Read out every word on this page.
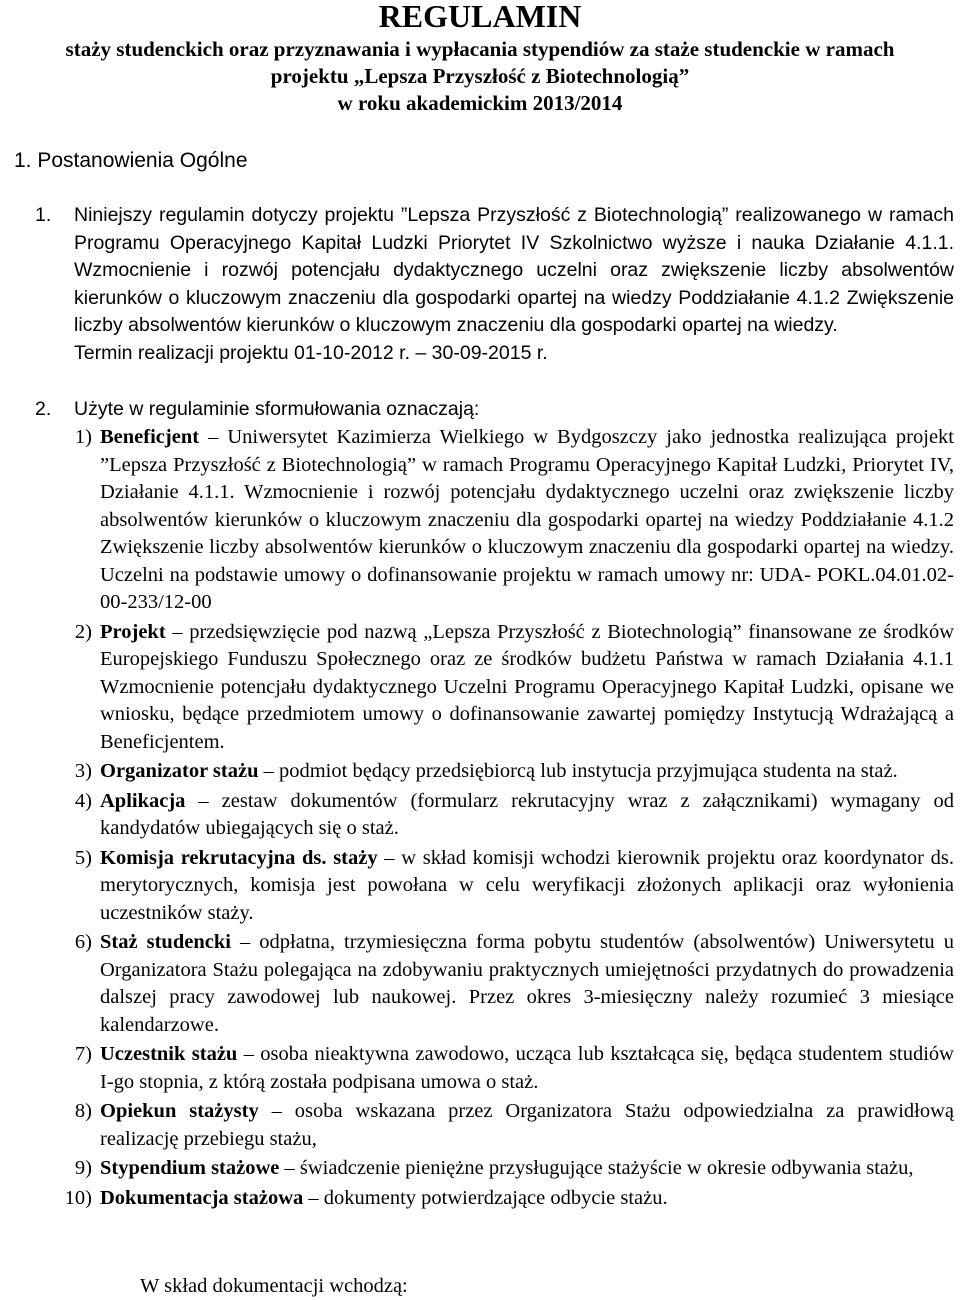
REGULAMIN
staży studenckich oraz przyznawania i wypłacania stypendiów za staże studenckie w ramach
projektu „Lepsza Przyszłość z Biotechnologią”
w roku akademickim 2013/2014
1. Postanowienia Ogólne
1. Niniejszy regulamin dotyczy projektu ”Lepsza Przyszłość z Biotechnologią” realizowanego w ramach Programu Operacyjnego Kapitał Ludzki Priorytet IV Szkolnictwo wyższe i nauka Działanie 4.1.1. Wzmocnienie i rozwój potencjału dydaktycznego uczelni oraz zwiększenie liczby absolwentów kierunków o kluczowym znaczeniu dla gospodarki opartej na wiedzy Poddziałanie 4.1.2 Zwiększenie liczby absolwentów kierunków o kluczowym znaczeniu dla gospodarki opartej na wiedzy.
Termin realizacji projektu 01-10-2012 r. – 30-09-2015 r.
2. Użyte w regulaminie sformułowania oznaczają:
1) Beneficjent – Uniwersytet Kazimierza Wielkiego w Bydgoszczy jako jednostka realizująca projekt ”Lepsza Przyszłość z Biotechnologią” w ramach Programu Operacyjnego Kapitał Ludzki, Priorytet IV, Działanie 4.1.1. Wzmocnienie i rozwój potencjału dydaktycznego uczelni oraz zwiększenie liczby absolwentów kierunków o kluczowym znaczeniu dla gospodarki opartej na wiedzy Poddziałanie 4.1.2 Zwiększenie liczby absolwentów kierunków o kluczowym znaczeniu dla gospodarki opartej na wiedzy. Uczelni na podstawie umowy o dofinansowanie projektu w ramach umowy nr: UDA- POKL.04.01.02-00-233/12-00
2) Projekt – przedsięwzięcie pod nazwą „Lepsza Przyszłość z Biotechnologią” finansowane ze środków Europejskiego Funduszu Społecznego oraz ze środków budżetu Państwa w ramach Działania 4.1.1 Wzmocnienie potencjału dydaktycznego Uczelni Programu Operacyjnego Kapitał Ludzki, opisane we wniosku, będące przedmiotem umowy o dofinansowanie zawartej pomiędzy Instytucją Wdrażającą a Beneficjentem.
3) Organizator stażu – podmiot będący przedsiębiorcą lub instytucja przyjmująca studenta na staż.
4) Aplikacja – zestaw dokumentów (formularz rekrutacyjny wraz z załącznikami) wymagany od kandydatów ubiegających się o staż.
5) Komisja rekrutacyjna ds. staży – w skład komisji wchodzi kierownik projektu oraz koordynator ds. merytorycznych, komisja jest powołana w celu weryfikacji złożonych aplikacji oraz wyłonienia uczestników staży.
6) Staż studencki – odpłatna, trzymiesięczna forma pobytu studentów (absolwentów) Uniwersytetu u Organizatora Stażu polegająca na zdobywaniu praktycznych umiejętności przydatnych do prowadzenia dalszej pracy zawodowej lub naukowej. Przez okres 3-miesięczny należy rozumieć 3 miesiące kalendarzowe.
7) Uczestnik stażu – osoba nieaktywna zawodowo, ucząca lub kształcąca się, będąca studentem studiów I-go stopnia, z którą została podpisana umowa o staż.
8) Opiekun stażysty – osoba wskazana przez Organizatora Stażu odpowiedzialna za prawidłową realizację przebiegu stażu,
9) Stypendium stażowe – świadczenie pieniężne przysługujące stażyście w okresie odbywania stażu,
10) Dokumentacja stażowa – dokumenty potwierdzające odbycie stażu.
W skład dokumentacji wchodzą:
